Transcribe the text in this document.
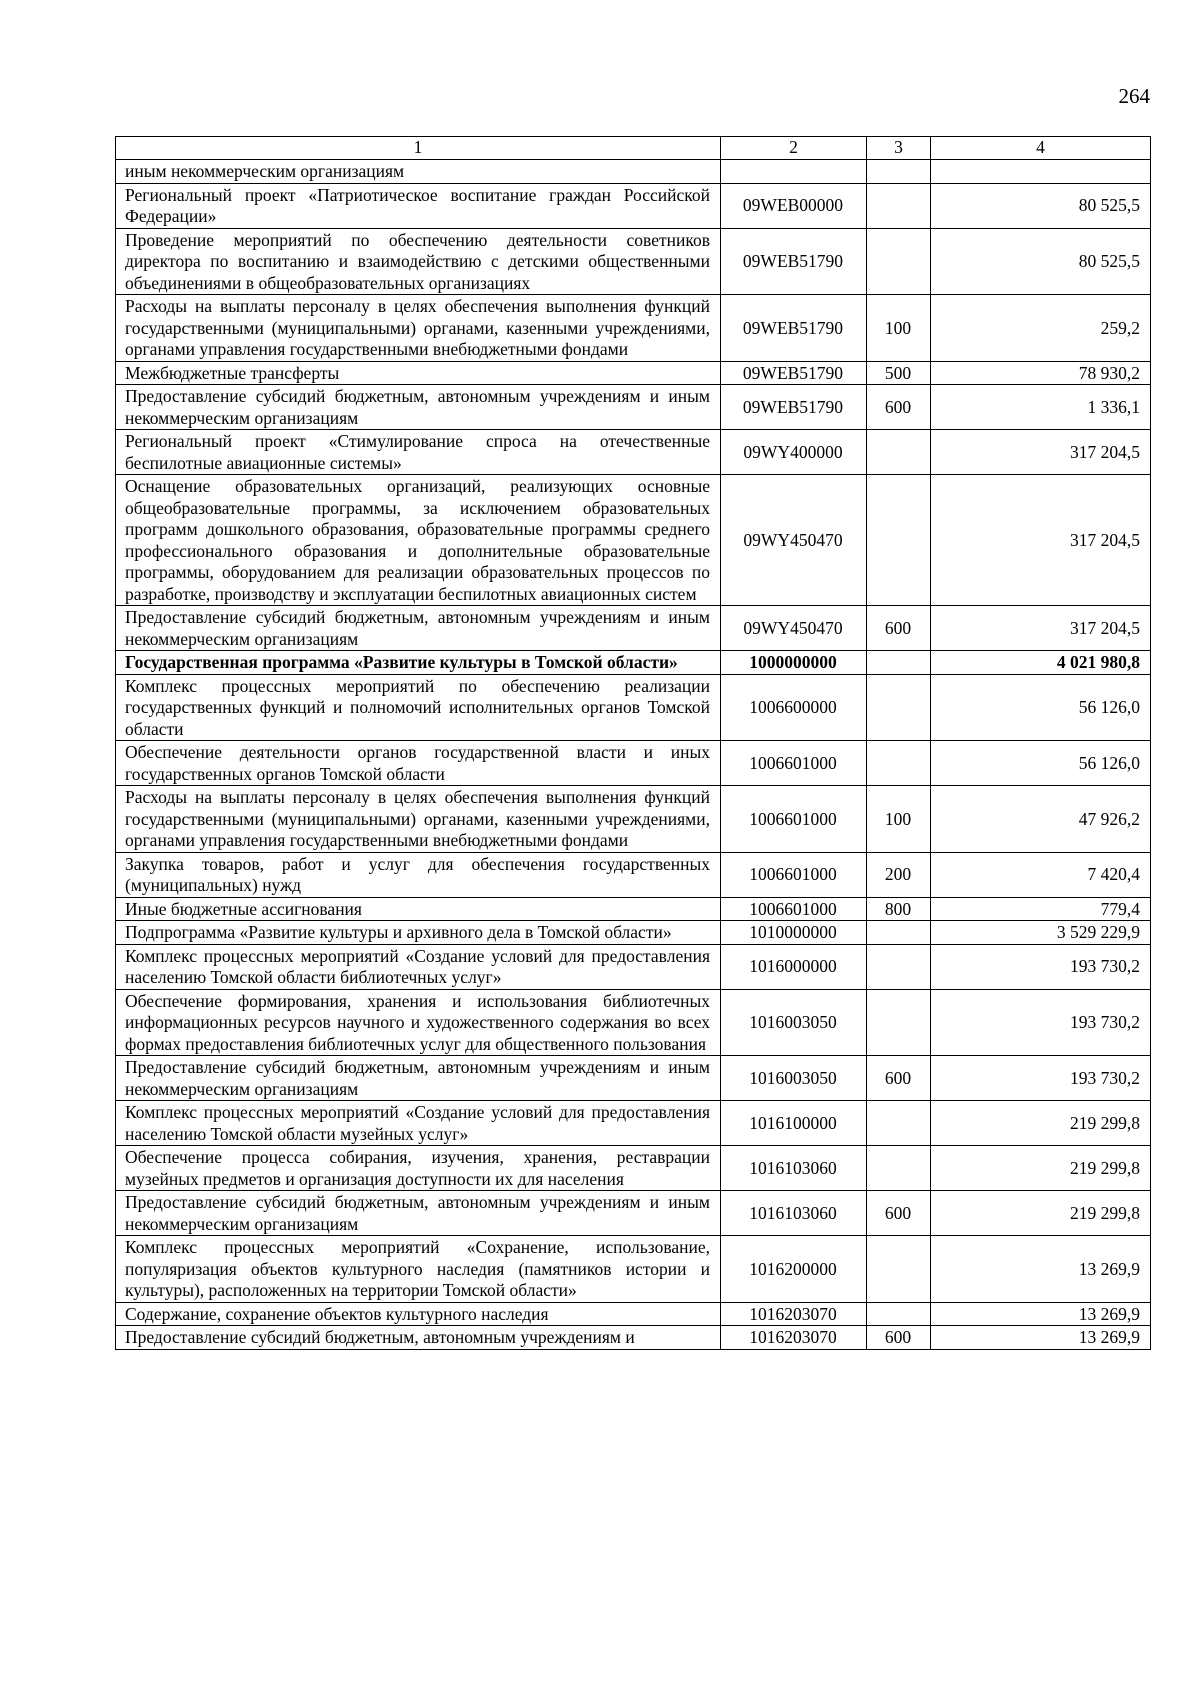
264
1	2	3	4
иным некоммерческим организациям			
Региональный проект «Патриотическое воспитание граждан Российской Федерации»	09WEB00000		80 525,5
Проведение мероприятий по обеспечению деятельности советников директора по воспитанию и взаимодействию с детскими общественными объединениями в общеобразовательных организациях	09WEB51790		80 525,5
Расходы на выплаты персоналу в целях обеспечения выполнения функций государственными (муниципальными) органами, казенными учреждениями, органами управления государственными внебюджетными фондами	09WEB51790	100	259,2
Межбюджетные трансферты	09WEB51790	500	78 930,2
Предоставление субсидий бюджетным, автономным учреждениям и иным некоммерческим организациям	09WEB51790	600	1 336,1
Региональный проект «Стимулирование спроса на отечественные беспилотные авиационные системы»	09WY400000		317 204,5
Оснащение образовательных организаций, реализующих основные общеобразовательные программы, за исключением образовательных программ дошкольного образования, образовательные программы среднего профессионального образования и дополнительные образовательные программы, оборудованием для реализации образовательных процессов по разработке, производству и эксплуатации беспилотных авиационных систем	09WY450470		317 204,5
Предоставление субсидий бюджетным, автономным учреждениям и иным некоммерческим организациям	09WY450470	600	317 204,5
Государственная программа «Развитие культуры в Томской области»	1000000000		4 021 980,8
Комплекс процессных мероприятий по обеспечению реализации государственных функций и полномочий исполнительных органов Томской области	1006600000		56 126,0
Обеспечение деятельности органов государственной власти и иных государственных органов Томской области	1006601000		56 126,0
Расходы на выплаты персоналу в целях обеспечения выполнения функций государственными (муниципальными) органами, казенными учреждениями, органами управления государственными внебюджетными фондами	1006601000	100	47 926,2
Закупка товаров, работ и услуг для обеспечения государственных (муниципальных) нужд	1006601000	200	7 420,4
Иные бюджетные ассигнования	1006601000	800	779,4
Подпрограмма «Развитие культуры и архивного дела в Томской области»	1010000000		3 529 229,9
Комплекс процессных мероприятий «Создание условий для предоставления населению Томской области библиотечных услуг»	1016000000		193 730,2
Обеспечение формирования, хранения и использования библиотечных информационных ресурсов научного и художественного содержания во всех формах предоставления библиотечных услуг для общественного пользования	1016003050		193 730,2
Предоставление субсидий бюджетным, автономным учреждениям и иным некоммерческим организациям	1016003050	600	193 730,2
Комплекс процессных мероприятий «Создание условий для предоставления населению Томской области музейных услуг»	1016100000		219 299,8
Обеспечение процесса собирания, изучения, хранения, реставрации музейных предметов и организация доступности их для населения	1016103060		219 299,8
Предоставление субсидий бюджетным, автономным учреждениям и иным некоммерческим организациям	1016103060	600	219 299,8
Комплекс процессных мероприятий «Сохранение, использование, популяризация объектов культурного наследия (памятников истории и культуры), расположенных на территории Томской области»	1016200000		13 269,9
Содержание, сохранение объектов культурного наследия	1016203070		13 269,9
Предоставление субсидий бюджетным, автономным учреждениям и	1016203070	600	13 269,9
